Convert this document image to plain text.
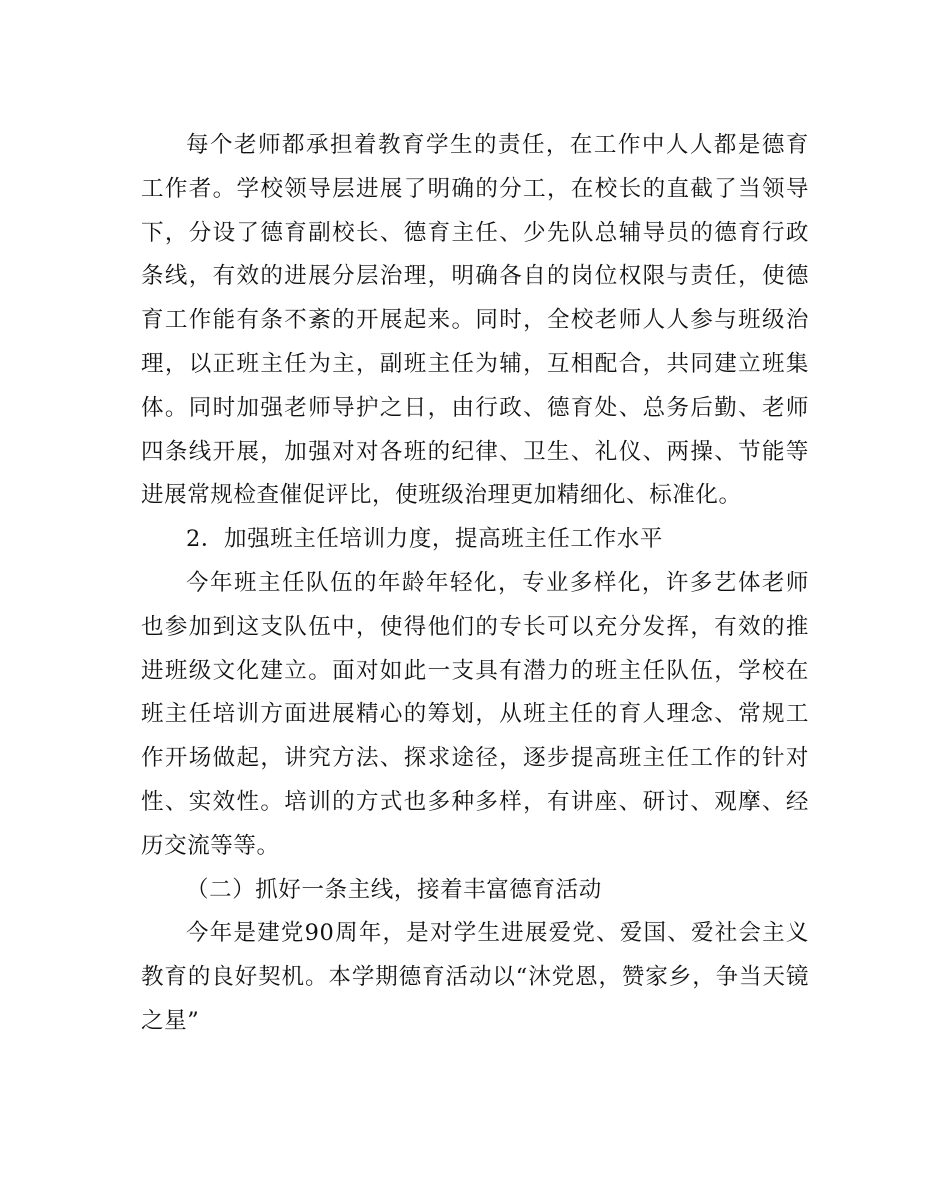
每个老师都承担着教育学生的责任，在工作中人人都是德育工作者。学校领导层进展了明确的分工，在校长的直截了当领导下，分设了德育副校长、德育主任、少先队总辅导员的德育行政条线，有效的进展分层治理，明确各自的岗位权限与责任，使德育工作能有条不紊的开展起来。同时，全校老师人人参与班级治理，以正班主任为主，副班主任为辅，互相配合，共同建立班集体。同时加强老师导护之日，由行政、德育处、总务后勤、老师四条线开展，加强对对各班的纪律、卫生、礼仪、两操、节能等进展常规检查催促评比，使班级治理更加精细化、标准化。

2．加强班主任培训力度，提高班主任工作水平

今年班主任队伍的年龄年轻化，专业多样化，许多艺体老师也参加到这支队伍中，使得他们的专长可以充分发挥，有效的推进班级文化建立。面对如此一支具有潜力的班主任队伍，学校在班主任培训方面进展精心的筹划，从班主任的育人理念、常规工作开场做起，讲究方法、探求途径，逐步提高班主任工作的针对性、实效性。培训的方式也多种多样，有讲座、研讨、观摩、经历交流等等。

（二）抓好一条主线，接着丰富德育活动

今年是建党90周年，是对学生进展爱党、爱国、爱社会主义教育的良好契机。本学期德育活动以“沐党恩，赞家乡，争当天镜之星”
